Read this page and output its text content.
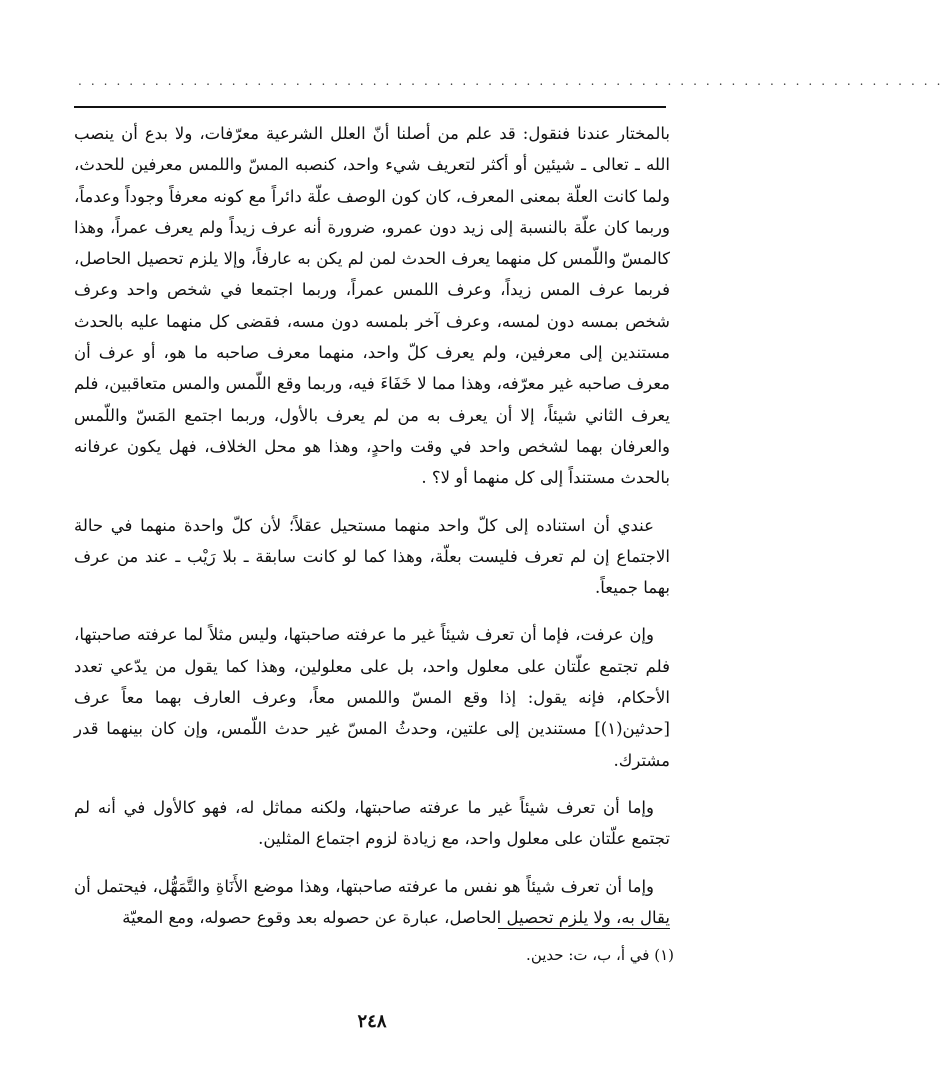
....................................................................

بالمختار عندنا فنقول: قد علم من أصلنا أنّ العلل الشرعية معرّفات، ولا بدع أن ينصب الله ـ تعالى ـ شيئين أو أكثر لتعريف شيء واحد، كنصبه المسّ واللمس معرفين للحدث، ولما كانت العلّة بمعنى المعرف، كان كون الوصف علّة دائراً مع كونه معرفاً وجوداً وعدماً، وربما كان علّة بالنسبة إلى زيد دون عمرو، ضرورة أنه عرف زيداً ولم يعرف عمراً، وهذا كالمسّ واللّمس كل منهما يعرف الحدث لمن لم يكن به عارفاً، وإلا يلزم تحصيل الحاصل، فربما عرف المس زيداً، وعرف اللمس عمراً، وربما اجتمعا في شخص واحد وعرف شخص بمسه دون لمسه، وعرف آخر بلمسه دون مسه، فقضى كل منهما عليه بالحدث مستندين إلى معرفين، ولم يعرف كلّ واحد، منهما معرف صاحبه ما هو، أو عرف أن معرف صاحبه غير معرّفه، وهذا مما لا خَفَاءَ فيه، وربما وقع اللّمس والمس متعاقبين، فلم يعرف الثاني شيئاً، إلا أن يعرف به من لم يعرف بالأول، وربما اجتمع المَسّ واللّمس والعرفان بهما لشخص واحد في وقت واحدٍ، وهذا هو محل الخلاف، فهل يكون عرفانه بالحدث مستنداً إلى كل منهما أو لا؟ .

عندي أن استناده إلى كلّ واحد منهما مستحيل عقلاً؛ لأن كلّ واحدة منهما في حالة الاجتماع إن لم تعرف فليست بعلّة، وهذا كما لو كانت سابقة ـ بلا رَيْب ـ عند من عرف بهما جميعاً.

وإن عرفت، فإما أن تعرف شيئاً غير ما عرفته صاحبتها، وليس مثلاً لما عرفته صاحبتها، فلم تجتمع علّتان على معلول واحد، بل على معلولين، وهذا كما يقول من يدّعي تعدد الأحكام، فإنه يقول: إذا وقع المسّ واللمس معاً، وعرف العارف بهما معاً عرف [حدثين(١)] مستندين إلى علتين، وحدثُ المسّ غير حدث اللّمس، وإن كان بينهما قدر مشترك.

وإما أن تعرف شيئاً غير ما عرفته صاحبتها، ولكنه مماثل له، فهو كالأول في أنه لم تجتمع علّتان على معلول واحد، مع زيادة لزوم اجتماع المثلين.

وإما أن تعرف شيئاً هو نفس ما عرفته صاحبتها، وهذا موضع الأَنَاةِ والتَّمَهُّل، فيحتمل أن يقال به، ولا يلزم تحصيل الحاصل، عبارة عن حصوله بعد وقوع حصوله، ومع المعيّة

(١) في أ، ب، ت: حدين.
٢٤٨
